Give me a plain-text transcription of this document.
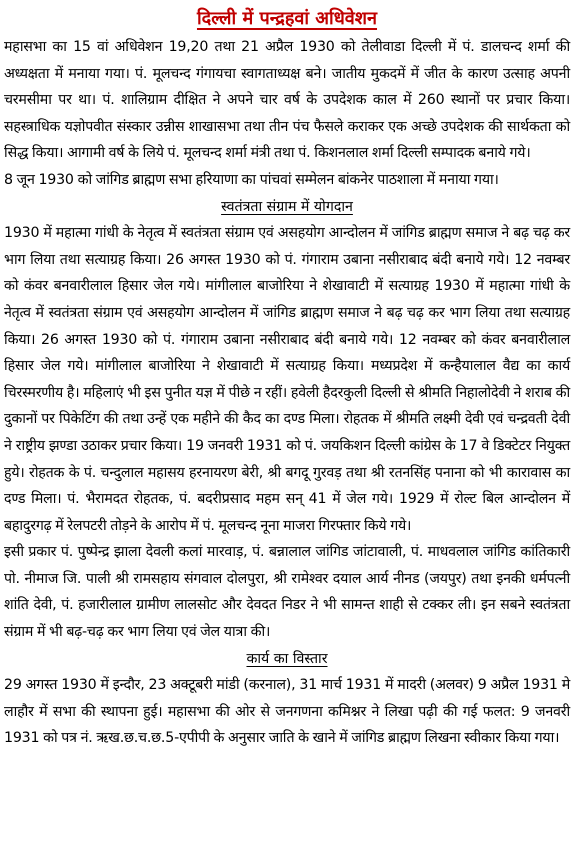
दिल्ली में पन्द्रहवां अधिवेशन

महासभा का 15 वां अधिवेशन 19,20 तथा 21 अप्रैल 1930 को तेलीवाडा दिल्ली में पं. डालचन्द शर्मा की अध्यक्षता में मनाया गया। पं. मूलचन्द गंगायचा स्वागताध्यक्ष बने। जातीय मुकदमें में जीत के कारण उत्साह अपनी चरमसीमा पर था। पं. शालिग्राम दीक्षित ने अपने चार वर्ष के उपदेशक काल में 260 स्थानों पर प्रचार किया। सहस्त्राधिक यज्ञोपवीत संस्कार उन्नीस शाखासभा तथा तीन पंच फैसले कराकर एक अच्छे उपदेशक की सार्थकता को सिद्ध किया। आगामी वर्ष के लिये पं. मूलचन्द शर्मा मंत्री तथा पं. किशनलाल शर्मा दिल्ली सम्पादक बनाये गये।

8 जून 1930 को जांगिड ब्राह्मण सभा हरियाणा का पांचवां सम्मेलन बांकनेर पाठशाला में मनाया गया।

स्वतंत्रता संग्राम में योगदान

1930 में महात्मा गांधी के नेतृत्व में स्वतंत्रता संग्राम एवं असहयोग आन्दोलन में जांगिड ब्राह्मण समाज ने बढ़ चढ़ कर भाग लिया तथा सत्याग्रह किया। 26 अगस्त 1930 को पं. गंगाराम उबाना नसीराबाद बंदी बनाये गये। 12 नवम्बर को कंवर बनवारीलाल हिसार जेल गये। मांगीलाल बाजोरिया ने शेखावाटी में सत्याग्रह 1930 में महात्मा गांधी के नेतृत्व में स्वतंत्रता संग्राम एवं असहयोग आन्दोलन में जांगिड ब्राह्मण समाज ने बढ़ चढ़ कर भाग लिया तथा सत्याग्रह किया। 26 अगस्त 1930 को पं. गंगाराम उबाना नसीराबाद बंदी बनाये गये। 12 नवम्बर को कंवर बनवारीलाल हिसार जेल गये। मांगीलाल बाजोरिया ने शेखावाटी में सत्याग्रह किया। मध्यप्रदेश में कन्हैयालाल वैद्य का कार्य चिरस्मरणीय है। महिलाएं भी इस पुनीत यज्ञ में पीछे न रहीं। हवेली हैदरकुली दिल्ली से श्रीमति निहालोदेवी ने शराब की दुकानों पर पिकेटिंग की तथा उन्हें एक महीने की कैद का दण्ड मिला। रोहतक में श्रीमति लक्ष्मी देवी एवं चन्द्रवती देवी ने राष्ट्रीय झण्डा उठाकर प्रचार किया। 19 जनवरी 1931 को पं. जयकिशन दिल्ली कांग्रेस के 17 वे डिक्टेटर नियुक्त हुये। रोहतक के पं. चन्दुलाल महासय हरनायरण बेरी, श्री बगदू गुरवड़ तथा श्री रतनसिंह पनाना को भी कारावास का दण्ड मिला। पं. भैरामदत रोहतक, पं. बदरीप्रसाद महम सन् 41 में जेल गये। 1929 में रोल्ट बिल आन्दोलन में बहादुरगढ़ में रेलपटरी तोड़ने के आरोप में पं. मूलचन्द नूना माजरा गिरफ्तार किये गये।

इसी प्रकार पं. पुष्पेन्द्र झाला देवली कलां मारवाड़, पं. बन्नालाल जांगिड जांटावाली, पं. माधवलाल जांगिड कांतिकारी पो. नीमाज जि. पाली श्री रामसहाय संगवाल दोलपुरा, श्री रामेश्वर दयाल आर्य नीनड (जयपुर) तथा इनकी धर्मपत्नी शांति देवी, पं. हजारीलाल ग्रामीण लालसोट और देवदत निडर ने भी सामन्त शाही से टक्कर ली। इन सबने स्वतंत्रता संग्राम में भी बढ़-चढ़ कर भाग लिया एवं जेल यात्रा की।

कार्य का विस्तार

29 अगस्त 1930 में इन्दौर, 23 अक्टूबरी मांडी (करनाल), 31 मार्च 1931 में मादरी (अलवर) 9 अप्रैल 1931 मे लाहौर में सभा की स्थापना हुई। महासभा की ओर से जनगणना कमिश्नर ने लिखा पढ़ी की गई फलत: 9 जनवरी 1931 को पत्र नं. ऋख.छ.च.छ.5-एपीपी के अनुसार जाति के खाने में जांगिड ब्राह्मण लिखना स्वीकार किया गया।
